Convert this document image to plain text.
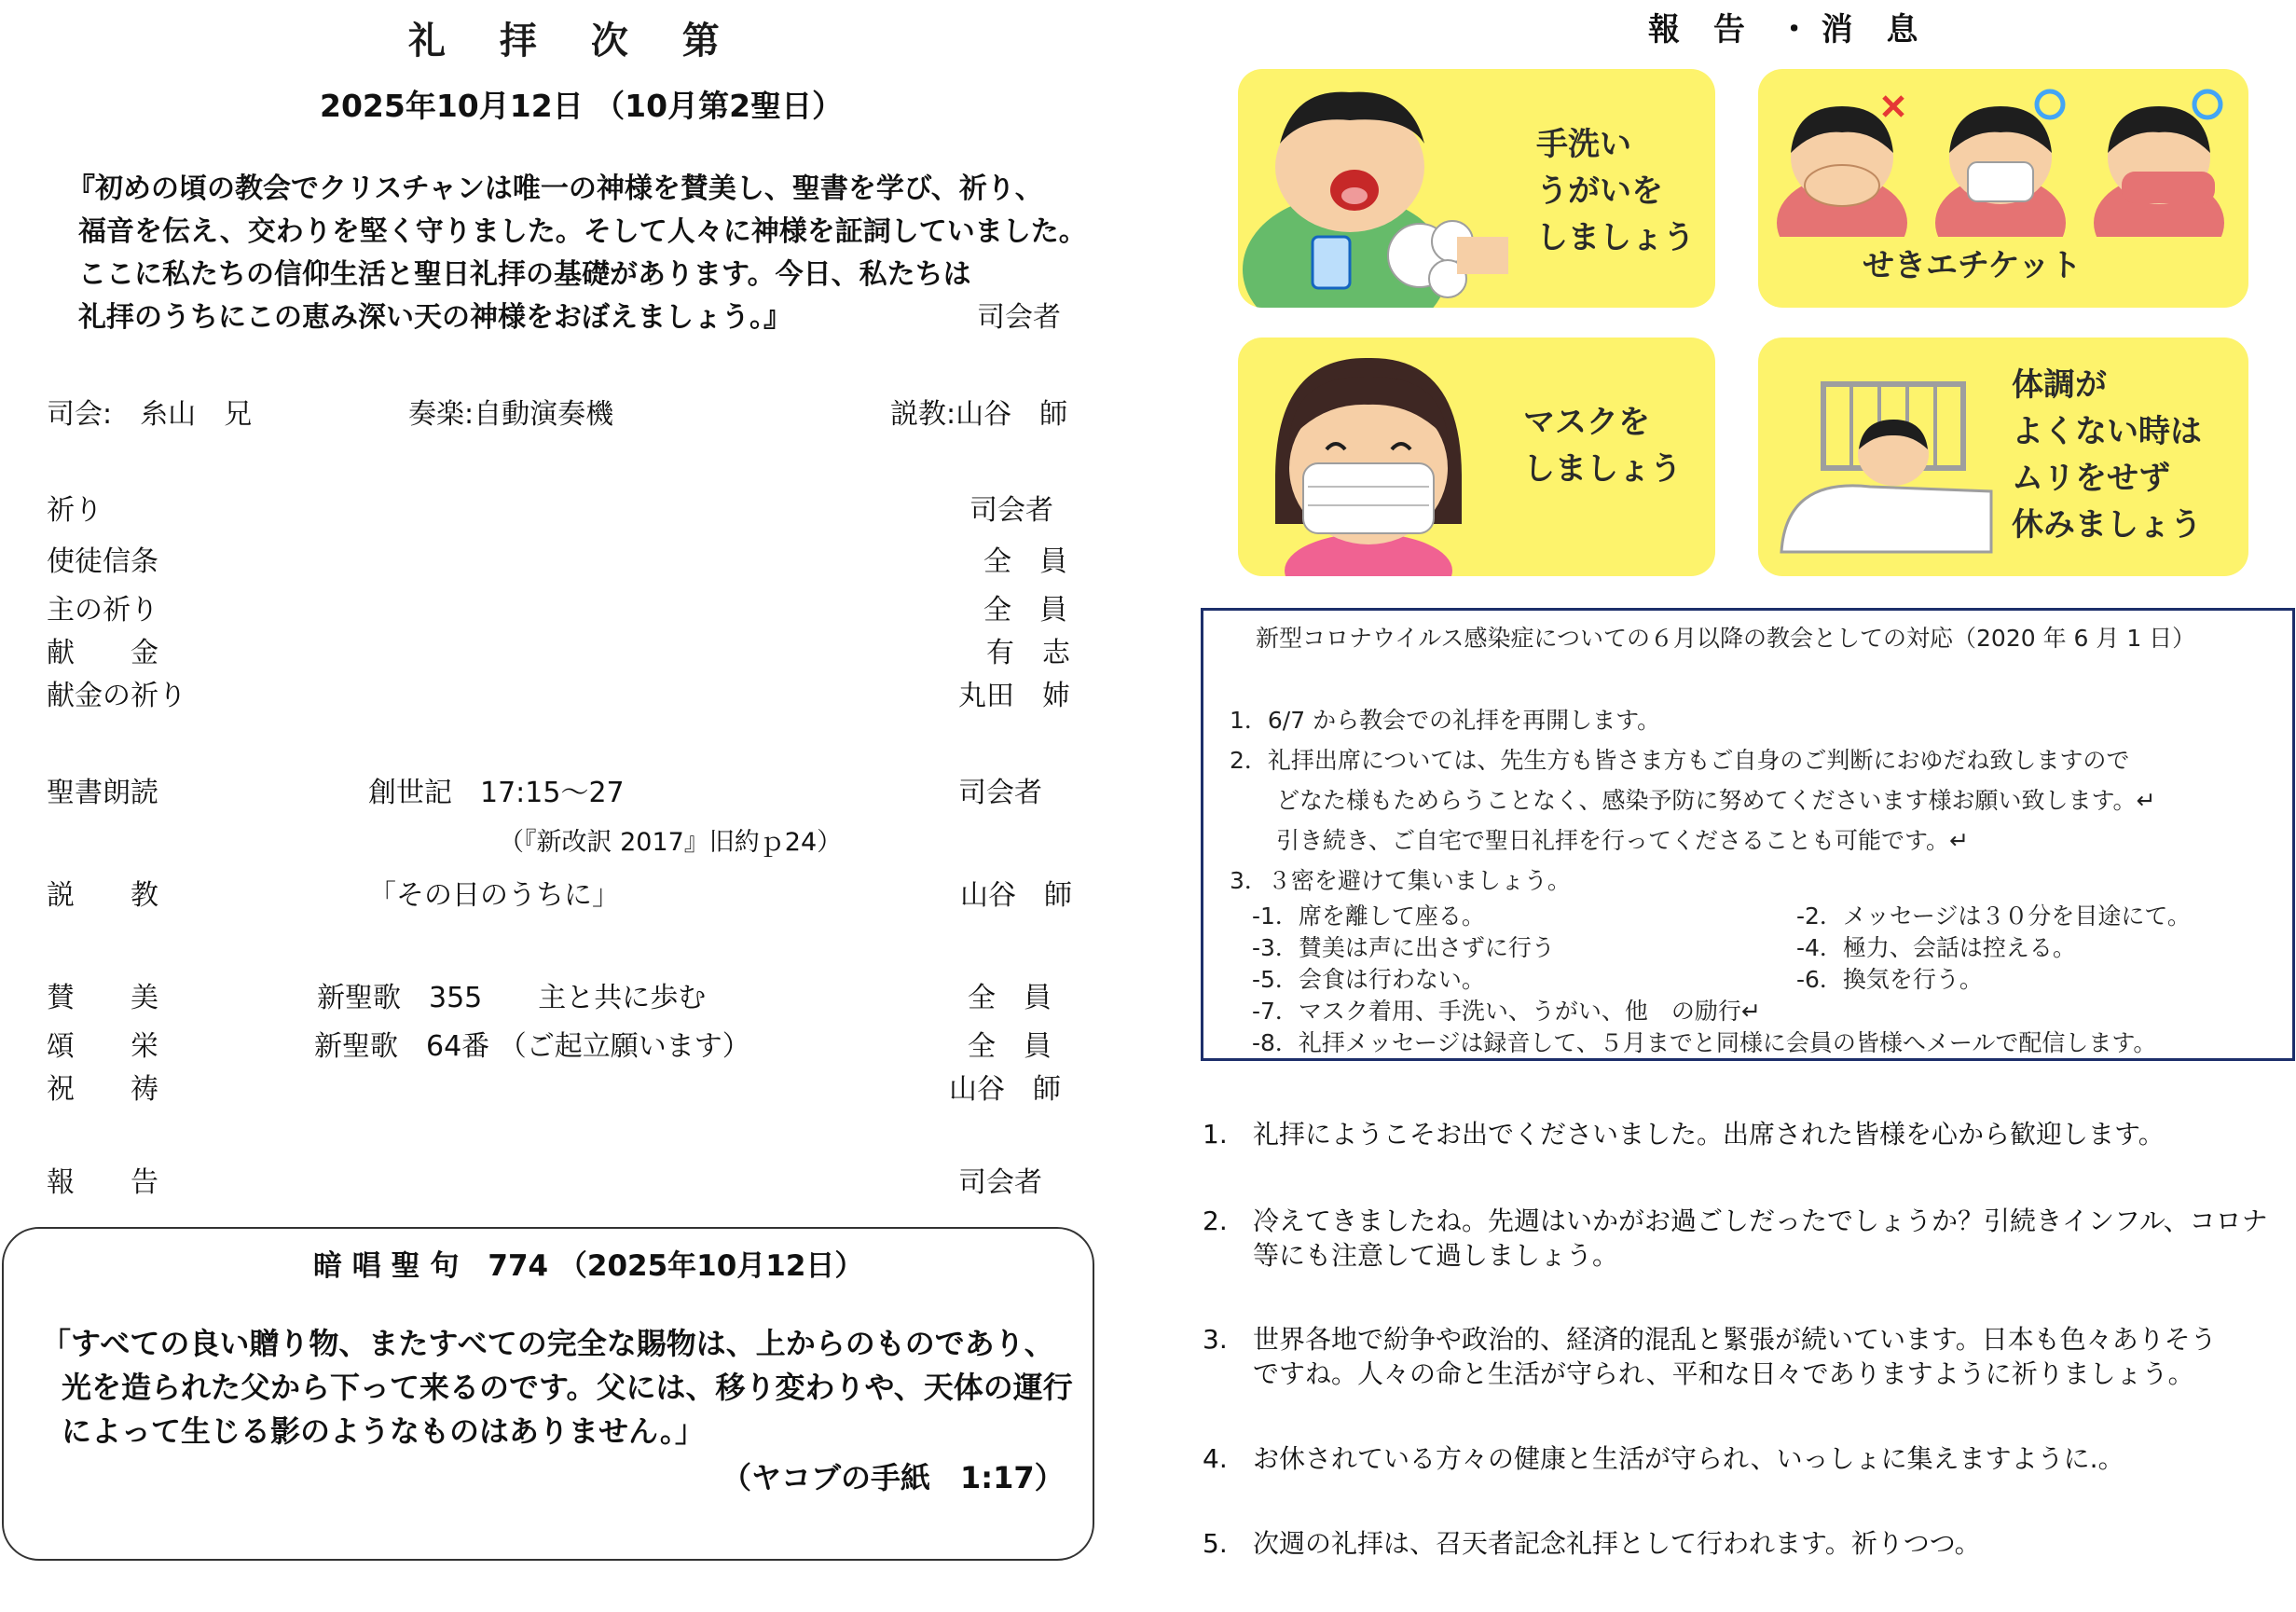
礼 拝 次 第
2025年10月12日 （10月第2聖日）
『初めの頃の教会でクリスチャンは唯一の神様を賛美し、聖書を学び、祈り、
福音を伝え、交わりを堅く守りました。そして人々に神様を証詞していました。
ここに私たちの信仰生活と聖日礼拝の基礎があります。今日、私たちは
礼拝のうちにこの恵み深い天の神様をおぼえましょう。』	司会者
司会:　糸山　兄	奏楽:自動演奏機	説教:山谷　師
祈り	司会者
使徒信条	全　員
主の祈り	全　員
献　　金	有　志
献金の祈り	丸田　姉
聖書朗読	創世記　17:15〜27	司会者
（『新改訳 2017』旧約ｐ24）
説　　教	「その日のうちに」	山谷　師
賛　　美	新聖歌　355　　主と共に歩む	全　員
頌　　栄	新聖歌　64番 （ご起立願います）	全　員
祝　　祷	山谷　師
報　　告	司会者
暗 唱 聖 句　774 （2025年10月12日）
「すべての良い贈り物、またすべての完全な賜物は、上からのものであり、
光を造られた父から下って来るのです。父には、移り変わりや、天体の運行
によって生じる影のようなものはありません。」
（ヤコブの手紙　1:17）
報 告 ・消 息
手洗い
うがいを
しましょう
せきエチケット
マスクを
しましょう
体調が
よくない時は
ムリをせず
休みましょう
新型コロナウイルス感染症についての６月以降の教会としての対応（2020 年 6 月 1 日）
1．6/7 から教会での礼拝を再開します。
2．礼拝出席については、先生方も皆さま方もご自身のご判断におゆだね致しますので
どなた様もためらうことなく、感染予防に努めてくださいます様お願い致します。↵
引き続き、ご自宅で聖日礼拝を行ってくださることも可能です。↵
3．３密を避けて集いましょう。
-1．席を離して座る。	-2．メッセージは３０分を目途にて。
-3．賛美は声に出さずに行う	-4．極力、会話は控える。
-5．会食は行わない。	-6．換気を行う。
-7．マスク着用、手洗い、うがい、他　の励行↵
-8．礼拝メッセージは録音して、５月までと同様に会員の皆様へメールで配信します。
1. 礼拝にようこそお出でくださいました。出席された皆様を心から歓迎します。
2. 冷えてきましたね。先週はいかがお過ごしだったでしょうか？引続きインフル、コロナ
等にも注意して過しましょう。
3. 世界各地で紛争や政治的、経済的混乱と緊張が続いています。日本も色々ありそう
ですね。人々の命と生活が守られ、平和な日々でありますように祈りましょう。
4. お休されている方々の健康と生活が守られ、いっしょに集えますように.。
5. 次週の礼拝は、召天者記念礼拝として行われます。祈りつつ。
